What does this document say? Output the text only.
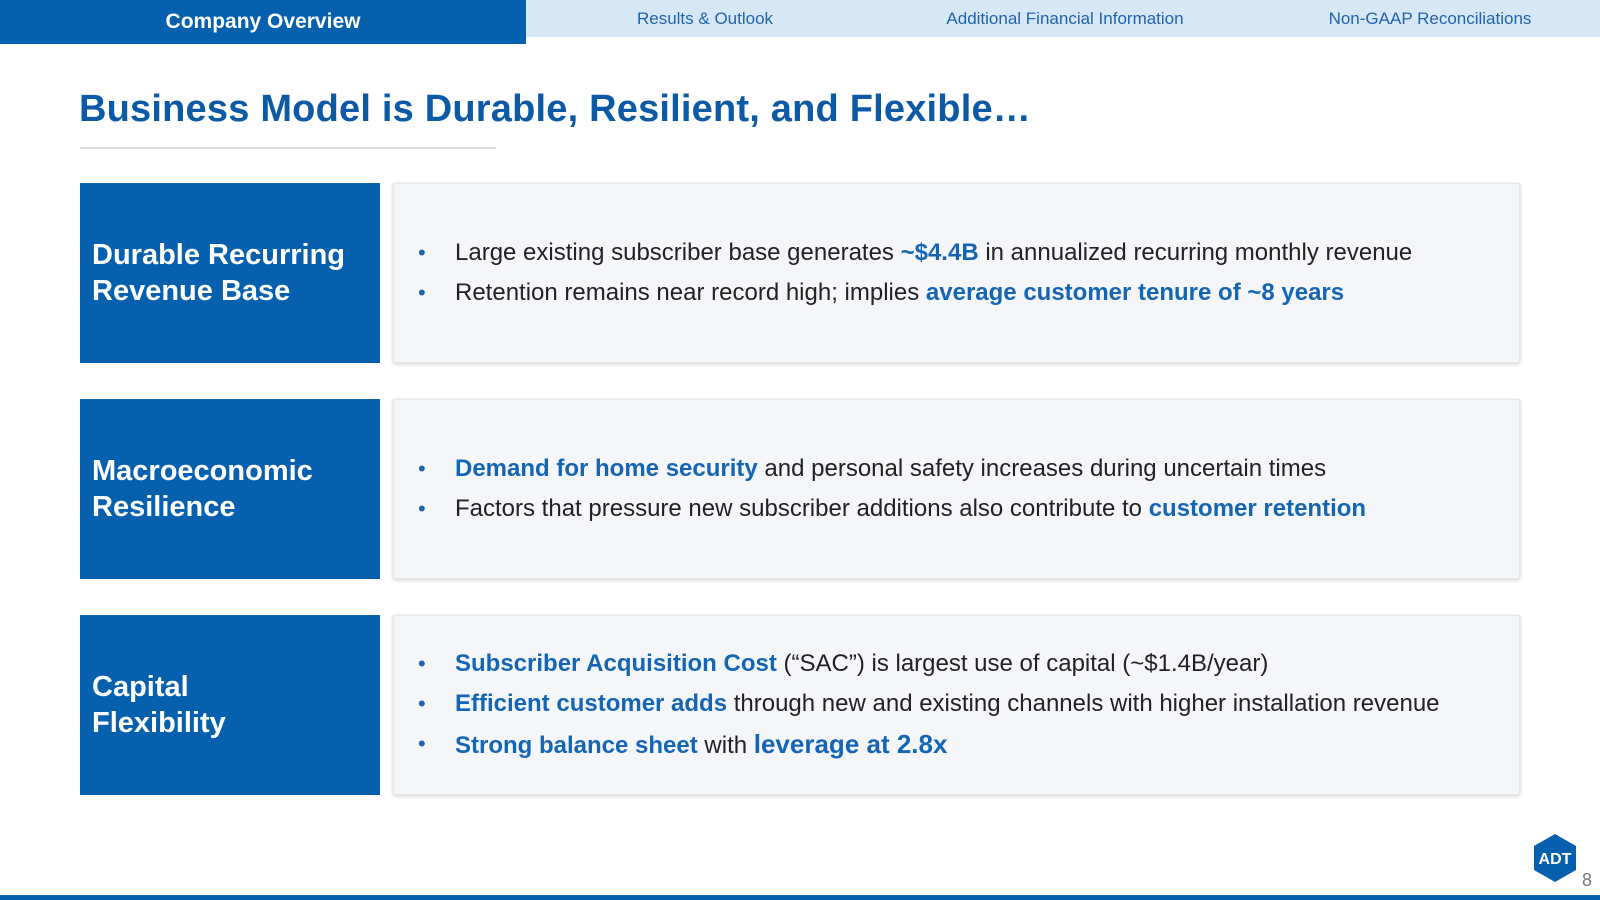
Company Overview	Results & Outlook	Additional Financial Information	Non-GAAP Reconciliations
Business Model is Durable, Resilient, and Flexible…
Durable Recurring
Revenue Base
•	Large existing subscriber base generates ~$4.4B in annualized recurring monthly revenue
•	Retention remains near record high; implies average customer tenure of ~8 years
Macroeconomic
Resilience
•	Demand for home security and personal safety increases during uncertain times
•	Factors that pressure new subscriber additions also contribute to customer retention
Capital
Flexibility
•	Subscriber Acquisition Cost (“SAC”) is largest use of capital (~$1.4B/year)
•	Efficient customer adds through new and existing channels with higher installation revenue
•	Strong balance sheet with leverage at 2.8x
ADT
8
